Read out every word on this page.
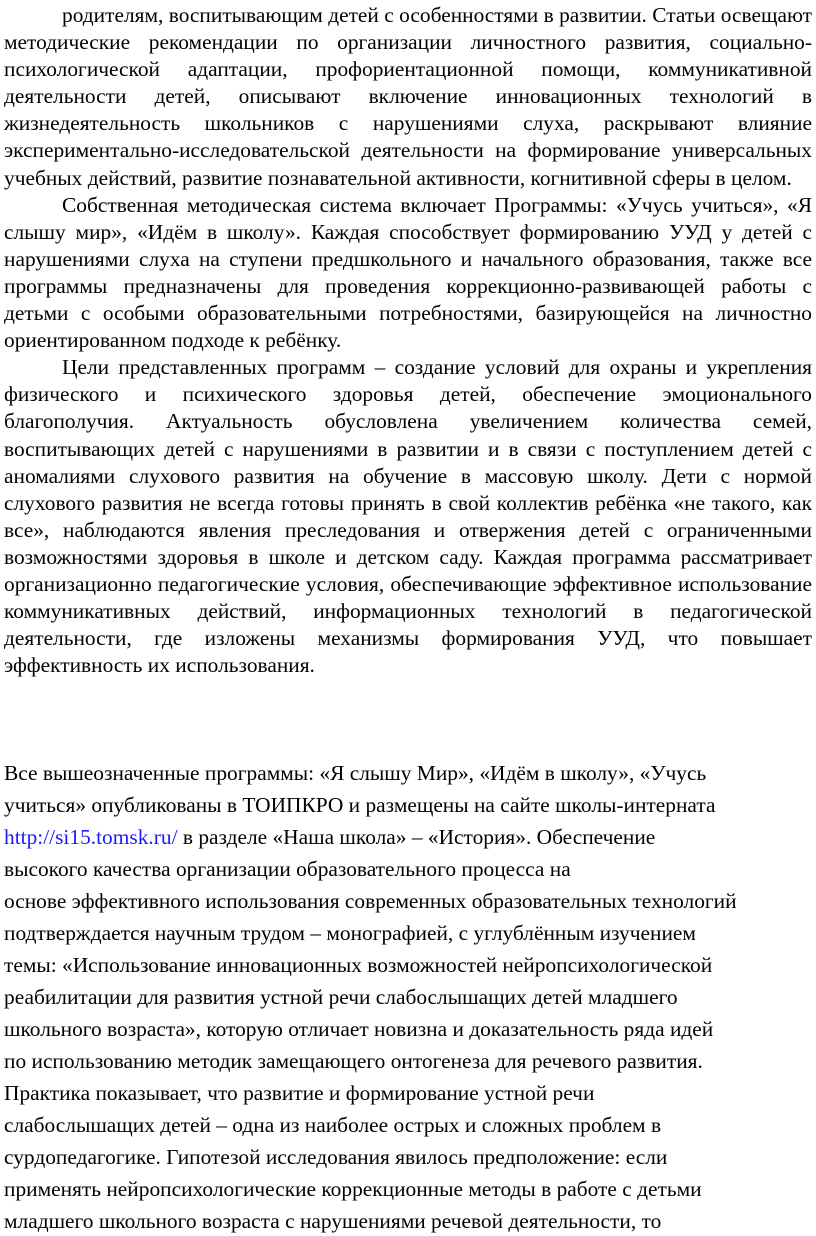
родителям, воспитывающим детей с особенностями в развитии. Статьи освещают методические рекомендации по организации личностного развития, социально-психологической адаптации, профориентационной помощи, коммуникативной деятельности детей, описывают включение инновационных технологий в жизнедеятельность школьников с нарушениями слуха, раскрывают влияние экспериментально-исследовательской деятельности на формирование универсальных учебных действий, развитие познавательной активности, когнитивной сферы в целом.

Собственная методическая система включает Программы: «Учусь учиться», «Я слышу мир», «Идём в школу». Каждая способствует формированию УУД у детей с нарушениями слуха на ступени предшкольного и начального образования, также все программы предназначены для проведения коррекционно-развивающей работы с детьми с особыми образовательными потребностями, базирующейся на личностно ориентированном подходе к ребёнку.

Цели представленных программ – создание условий для охраны и укрепления физического и психического здоровья детей, обеспечение эмоционального благополучия. Актуальность обусловлена увеличением количества семей, воспитывающих детей с нарушениями в развитии и в связи с поступлением детей с аномалиями слухового развития на обучение в массовую школу. Дети с нормой слухового развития не всегда готовы принять в свой коллектив ребёнка «не такого, как все», наблюдаются явления преследования и отвержения детей с ограниченными возможностями здоровья в школе и детском саду. Каждая программа рассматривает организационно педагогические условия, обеспечивающие эффективное использование коммуникативных действий, информационных технологий в педагогической деятельности, где изложены механизмы формирования УУД, что повышает эффективность их использования.

Все вышеозначенные программы: «Я слышу Мир», «Идём в школу», «Учусь
учиться» опубликованы в ТОИПКРО и размещены на сайте школы-интерната
http://si15.tomsk.ru/ в разделе «Наша школа» – «История». Обеспечение
высокого качества организации образовательного процесса на
основе эффективного использования современных образовательных технологий
подтверждается научным трудом – монографией, с углублённым изучением
темы: «Использование инновационных возможностей нейропсихологической
реабилитации для развития устной речи слабослышащих детей младшего
школьного возраста», которую отличает новизна и доказательность ряда идей
по использованию методик замещающего онтогенеза для речевого развития.
Практика показывает, что развитие и формирование устной речи
слабослышащих детей – одна из наиболее острых и сложных проблем в
сурдопедагогике. Гипотезой исследования явилось предположение: если
применять нейропсихологические коррекционные методы в работе с детьми
младшего школьного возраста с нарушениями речевой деятельности, то
